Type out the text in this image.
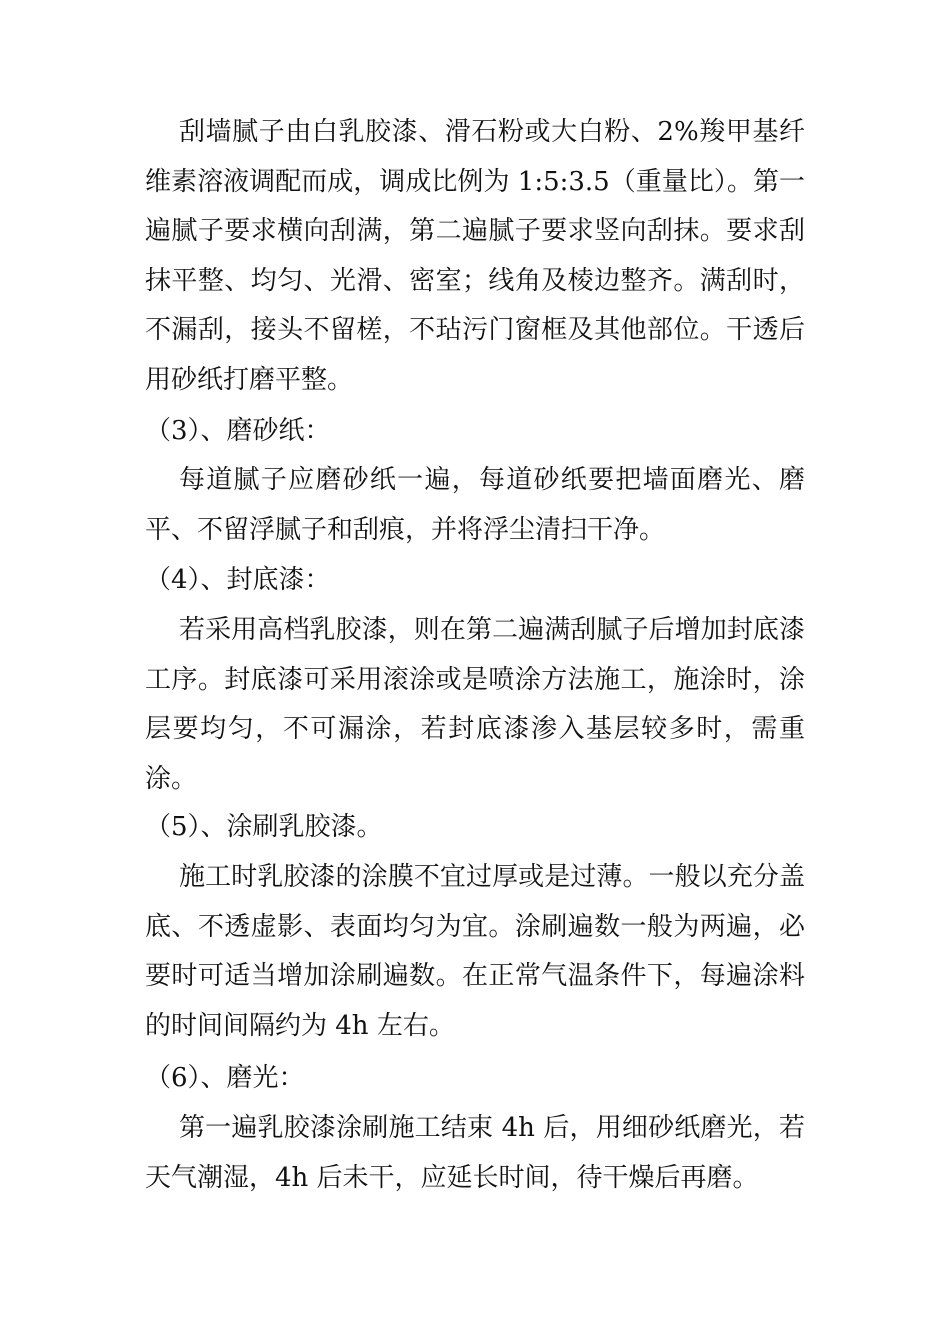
刮墙腻子由白乳胶漆、滑石粉或大白粉、2%羧甲基纤维素溶液调配而成，调成比例为 1:5:3.5（重量比）。第一遍腻子要求横向刮满，第二遍腻子要求竖向刮抹。要求刮抹平整、均匀、光滑、密室；线角及棱边整齐。满刮时，不漏刮，接头不留槎，不玷污门窗框及其他部位。干透后用砂纸打磨平整。

（3）、磨砂纸：

每道腻子应磨砂纸一遍，每道砂纸要把墙面磨光、磨平、不留浮腻子和刮痕，并将浮尘清扫干净。

（4）、封底漆：

若采用高档乳胶漆，则在第二遍满刮腻子后增加封底漆工序。封底漆可采用滚涂或是喷涂方法施工，施涂时，涂层要均匀，不可漏涂，若封底漆渗入基层较多时，需重涂。

（5）、涂刷乳胶漆。

施工时乳胶漆的涂膜不宜过厚或是过薄。一般以充分盖底、不透虚影、表面均匀为宜。涂刷遍数一般为两遍，必要时可适当增加涂刷遍数。在正常气温条件下，每遍涂料的时间间隔约为 4h 左右。

（6）、磨光：

第一遍乳胶漆涂刷施工结束 4h 后，用细砂纸磨光，若天气潮湿，4h 后未干，应延长时间，待干燥后再磨。
